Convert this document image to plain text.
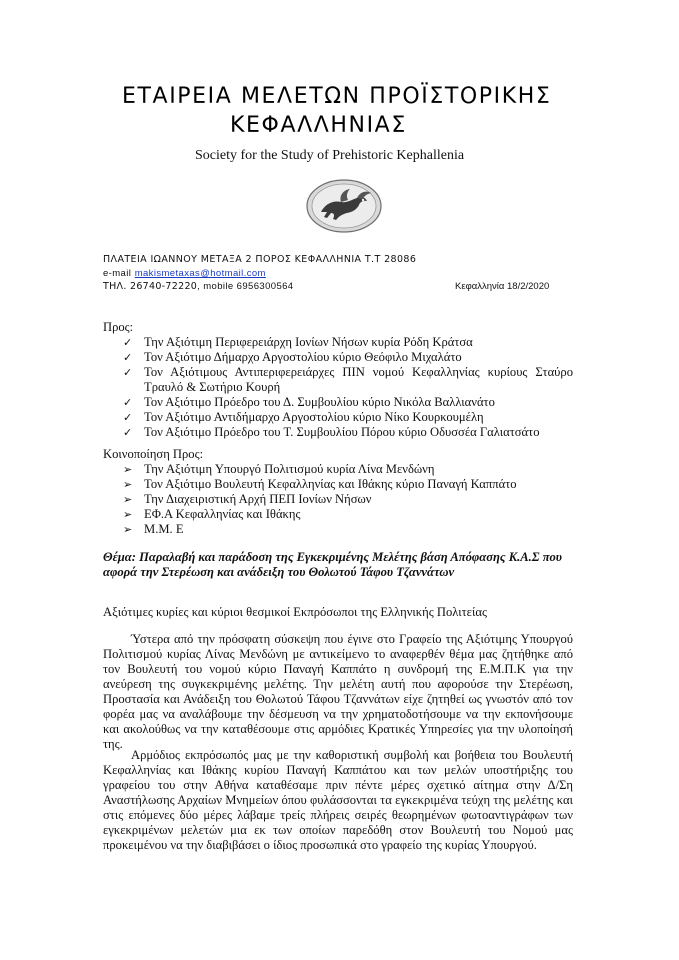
ΕΤΑΙΡΕΙΑ ΜΕΛΕΤΩΝ ΠΡΟΪΣΤΟΡΙΚΗΣ
ΚΕΦΑΛΛΗΝΙΑΣ
Society for the Study of Prehistoric Kephallenia
ΠΛΑΤΕΙΑ ΙΩΑΝΝΟΥ ΜΕΤΑΞΑ 2 ΠΟΡΟΣ ΚΕΦΑΛΛΗΝΙΑ Τ.Τ 28086
e-mail makismetaxas@hotmail.com
ΤΗΛ. 26740-72220, mobile 6956300564	Κεφαλληνία 18/2/2020
Προς:
✓ Την Αξιότιμη Περιφερειάρχη Ιονίων Νήσων κυρία Ρόδη Κράτσα
✓ Τον Αξιότιμο Δήμαρχο Αργοστολίου κύριο Θεόφιλο Μιχαλάτο
✓ Τον Αξιότιμους Αντιπεριφερειάρχες ΠΙΝ νομού Κεφαλληνίας κυρίους Σταύρο Τραυλό & Σωτήριο Κουρή
✓ Τον Αξιότιμο Πρόεδρο του Δ. Συμβουλίου κύριο Νικόλα Βαλλιανάτο
✓ Τον Αξιότιμο Αντιδήμαρχο Αργοστολίου κύριο Νίκο Κουρκουμέλη
✓ Τον Αξιότιμο Πρόεδρο του Τ. Συμβουλίου Πόρου κύριο Οδυσσέα Γαλιατσάτο
Κοινοποίηση Προς:
➢ Την Αξιότιμη Υπουργό Πολιτισμού κυρία Λίνα Μενδώνη
➢ Τον Αξιότιμο Βουλευτή Κεφαλληνίας και Ιθάκης κύριο Παναγή Καππάτο
➢ Την Διαχειριστική Αρχή ΠΕΠ Ιονίων Νήσων
➢ ΕΦ.Α Κεφαλληνίας και Ιθάκης
➢ Μ.Μ. Ε
Θέμα: Παραλαβή και παράδοση της Εγκεκριμένης Μελέτης βάση Απόφασης Κ.Α.Σ που αφορά την Στερέωση και ανάδειξη του Θολωτού Τάφου Τζαννάτων
Αξιότιμες κυρίες και κύριοι θεσμικοί Εκπρόσωποι της Ελληνικής Πολιτείας
Ύστερα από την πρόσφατη σύσκεψη που έγινε στο Γραφείο της Αξιότιμης Υπουργού Πολιτισμού κυρίας Λίνας Μενδώνη με αντικείμενο το αναφερθέν θέμα μας ζητήθηκε από τον Βουλευτή του νομού κύριο Παναγή Καππάτο η συνδρομή της Ε.Μ.Π.Κ για την ανεύρεση της συγκεκριμένης μελέτης. Την μελέτη αυτή που αφορούσε την Στερέωση, Προστασία και Ανάδειξη του Θολωτού Τάφου Τζαννάτων είχε ζητηθεί ως γνωστόν από τον φορέα μας να αναλάβουμε την δέσμευση να την χρηματοδοτήσουμε να την εκπονήσουμε και ακολούθως να την καταθέσουμε στις αρμόδιες Κρατικές Υπηρεσίες για την υλοποίησή της.
Αρμόδιος εκπρόσωπός μας με την καθοριστική συμβολή και βοήθεια του Βουλευτή Κεφαλληνίας και Ιθάκης κυρίου Παναγή Καππάτου και των μελών υποστήριξης του γραφείου του στην Αθήνα καταθέσαμε πριν πέντε μέρες σχετικό αίτημα στην Δ/Ση Αναστήλωσης Αρχαίων Μνημείων όπου φυλάσσονται τα εγκεκριμένα τεύχη της μελέτης και στις επόμενες δύο μέρες λάβαμε τρείς πλήρεις σειρές θεωρημένων φωτοαντιγράφων των εγκεκριμένων μελετών μια εκ των οποίων παρεδόθη στον Βουλευτή του Νομού μας προκειμένου να την διαβιβάσει ο ίδιος προσωπικά στο γραφείο της κυρίας Υπουργού.
